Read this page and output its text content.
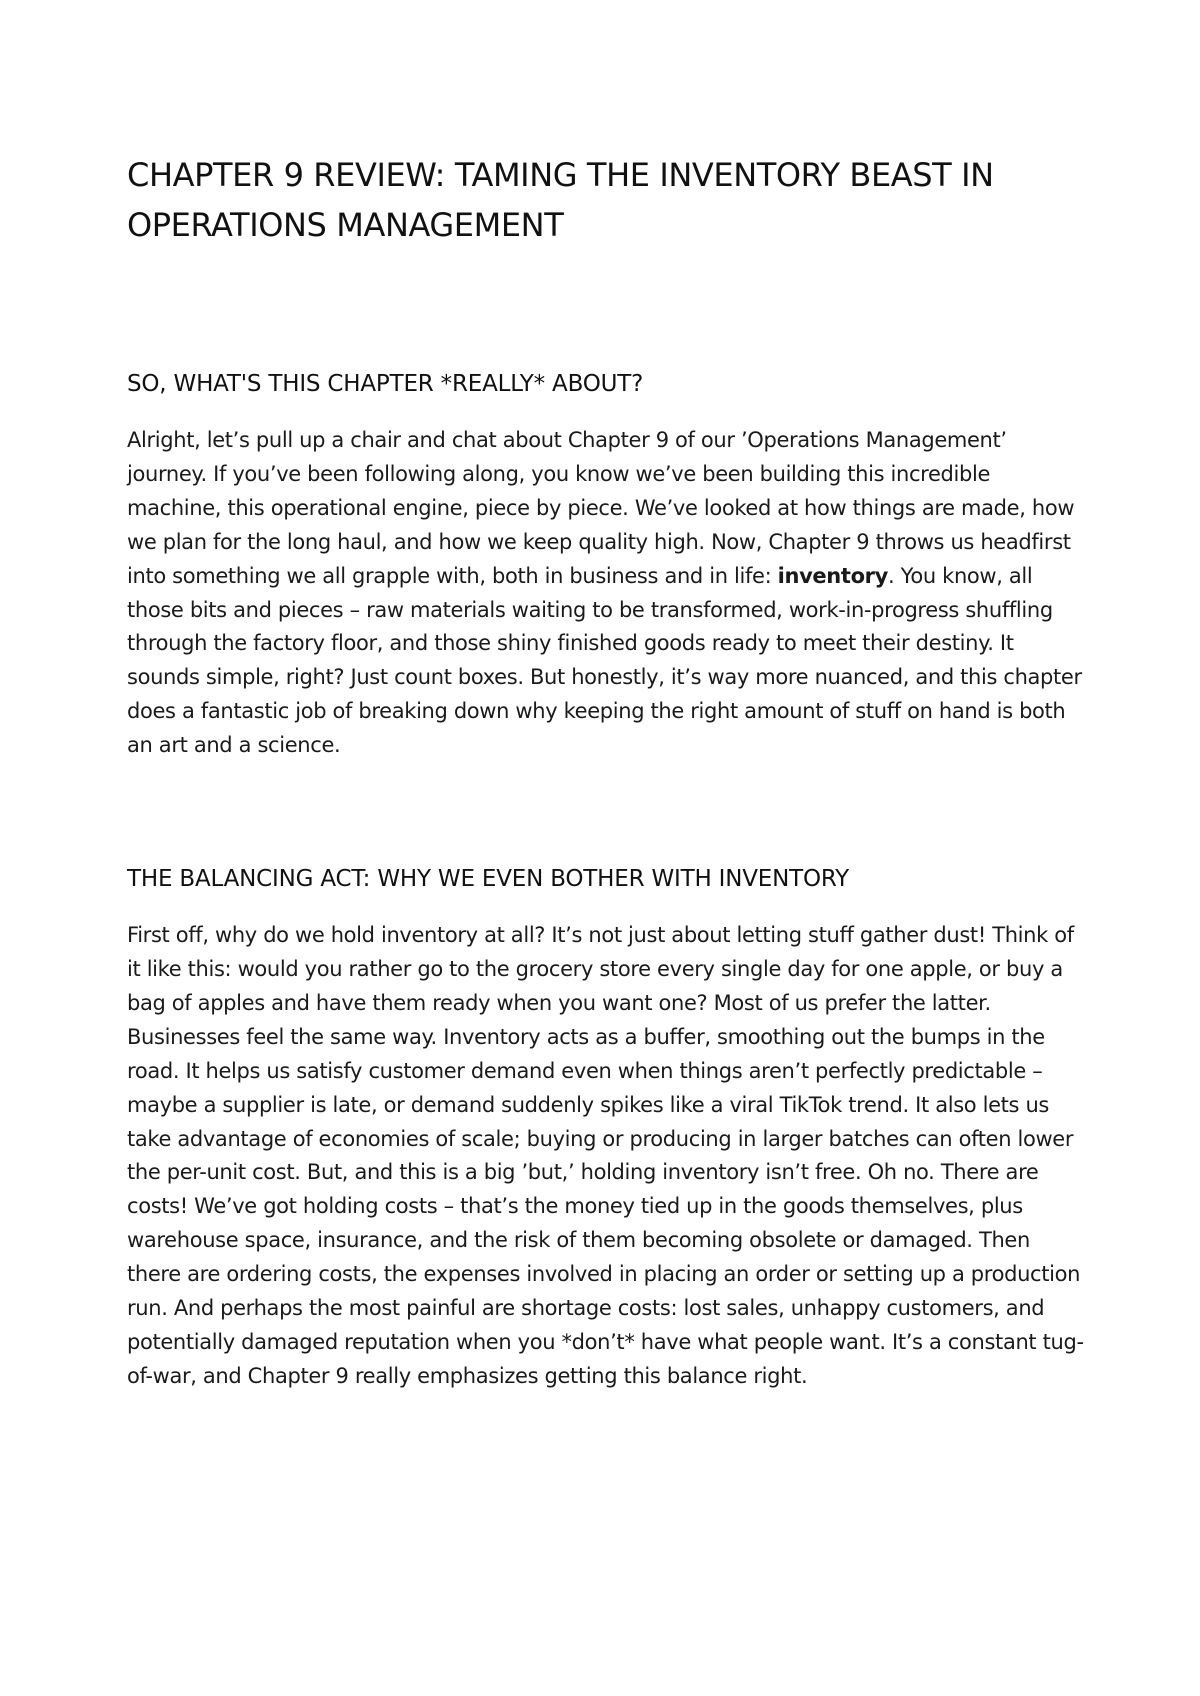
CHAPTER 9 REVIEW: TAMING THE INVENTORY BEAST IN OPERATIONS MANAGEMENT
SO, WHAT'S THIS CHAPTER *REALLY* ABOUT?

Alright, let’s pull up a chair and chat about Chapter 9 of our ’Operations Management’ journey. If you’ve been following along, you know we’ve been building this incredible machine, this operational engine, piece by piece. We’ve looked at how things are made, how we plan for the long haul, and how we keep quality high. Now, Chapter 9 throws us headfirst into something we all grapple with, both in business and in life: inventory. You know, all those bits and pieces – raw materials waiting to be transformed, work-in-progress shuffling through the factory floor, and those shiny finished goods ready to meet their destiny. It sounds simple, right? Just count boxes. But honestly, it’s way more nuanced, and this chapter does a fantastic job of breaking down why keeping the right amount of stuff on hand is both an art and a science.

THE BALANCING ACT: WHY WE EVEN BOTHER WITH INVENTORY

First off, why do we hold inventory at all? It’s not just about letting stuff gather dust! Think of it like this: would you rather go to the grocery store every single day for one apple, or buy a bag of apples and have them ready when you want one? Most of us prefer the latter. Businesses feel the same way. Inventory acts as a buffer, smoothing out the bumps in the road. It helps us satisfy customer demand even when things aren’t perfectly predictable – maybe a supplier is late, or demand suddenly spikes like a viral TikTok trend. It also lets us take advantage of economies of scale; buying or producing in larger batches can often lower the per-unit cost. But, and this is a big ’but,’ holding inventory isn’t free. Oh no. There are costs! We’ve got holding costs – that’s the money tied up in the goods themselves, plus warehouse space, insurance, and the risk of them becoming obsolete or damaged. Then there are ordering costs, the expenses involved in placing an order or setting up a production run. And perhaps the most painful are shortage costs: lost sales, unhappy customers, and potentially damaged reputation when you *don’t* have what people want. It’s a constant tug-of-war, and Chapter 9 really emphasizes getting this balance right.
